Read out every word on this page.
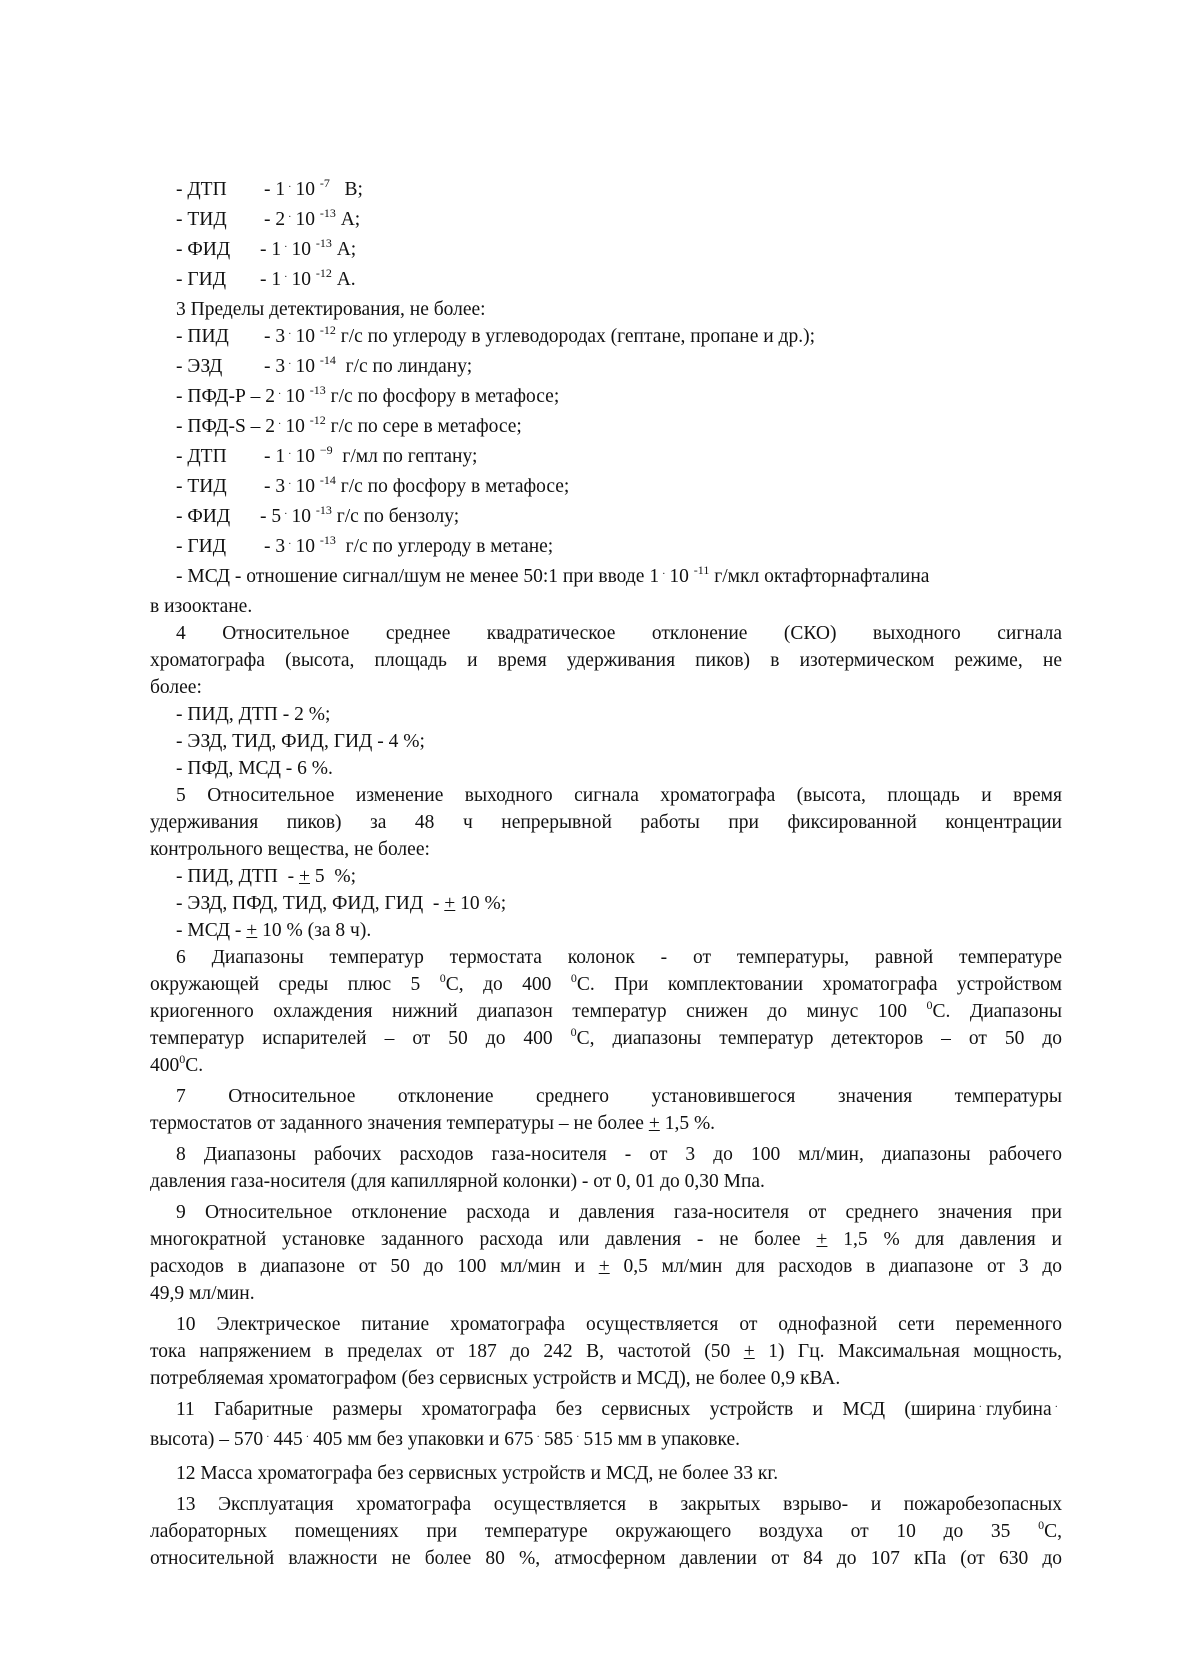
- ДТП - 1 · 10 $^{-7}$ В;
- ТИД - 2 · 10 $^{-13}$ А;
- ФИД - 1 · 10 $^{-13}$ А;
- ГИД - 1 · 10 $^{-12}$ А.
3 Пределы детектирования, не более:
- ПИД - 3 · 10 $^{-12}$ г/с по углероду в углеводородах (гептане, пропане и др.);
- ЭЗД - 3 · 10 $^{-14}$ г/с по линдану;
- ПФД-Р – 2 · 10 $^{-13}$ г/с по фосфору в метафосе;
- ПФД-S – 2 · 10 $^{-12}$ г/с по сере в метафосе;
- ДТП - 1 · 10 $^{-9}$ г/мл по гептану;
- ТИД - 3 · 10 $^{-14}$ г/с по фосфору в метафосе;
- ФИД - 5 · 10 $^{-13}$ г/с по бензолу;
- ГИД - 3 · 10 $^{-13}$ г/с по углероду в метане;
- МСД - отношение сигнал/шум не менее 50:1 при вводе 1 · 10 $^{-11}$ г/мкл октафторнафталина
в изооктане.
4 Относительное среднее квадратическое отклонение (СКО) выходного сигнала
хроматографа (высота, площадь и время удерживания пиков) в изотермическом режиме, не
более:
- ПИД, ДТП - 2 %;
- ЭЗД, ТИД, ФИД, ГИД - 4 %;
- ПФД, МСД - 6 %.
5 Относительное изменение выходного сигнала хроматографа (высота, площадь и время
удерживания пиков) за 48 ч непрерывной работы при фиксированной концентрации
контрольного вещества, не более:
- ПИД, ДТП  - + 5  %;
- ЭЗД, ПФД, ТИД, ФИД, ГИД  - + 10 %;
- МСД - + 10 % (за 8 ч).
6 Диапазоны температур термостата колонок - от температуры, равной температуре
окружающей среды плюс 5 $^0$С, до 400 $^0$С. При комплектовании хроматографа устройством
криогенного охлаждения нижний диапазон температур снижен до минус 100 $^0$С. Диапазоны
температур испарителей – от 50 до 400 $^0$С, диапазоны температур детекторов – от 50 до
$400^0С$.
7 Относительное отклонение среднего установившегося значения температуры
термостатов от заданного значения температуры – не более + 1,5 %.
8 Диапазоны рабочих расходов газа-носителя - от 3 до 100 мл/мин, диапазоны рабочего
давления газа-носителя (для капиллярной колонки) - от 0, 01 до 0,30 Мпа.
9 Относительное отклонение расхода и давления газа-носителя от среднего значения при
многократной установке заданного расхода или давления - не более + 1,5 % для давления и
расходов в диапазоне от 50 до 100 мл/мин и + 0,5 мл/мин для расходов в диапазоне от 3 до
49,9 мл/мин.
10 Электрическое питание хроматографа осуществляется от однофазной сети переменного
тока напряжением в пределах от 187 до 242 В, частотой (50 + 1) Гц. Максимальная мощность,
потребляемая хроматографом (без сервисных устройств и МСД), не более 0,9 кВА.
11 Габаритные размеры хроматографа без сервисных устройств и МСД (ширина · глубина ·
высота) – 570 · 445 · 405 мм без упаковки и 675 · 585 · 515 мм в упаковке.
12 Масса хроматографа без сервисных устройств и МСД, не более 33 кг.
13 Эксплуатация хроматографа осуществляется в закрытых взрыво- и пожаробезопасных
лабораторных помещениях при температуре окружающего воздуха от 10 до 35 $^0$С,
относительной влажности не более 80 %, атмосферном давлении от 84 до 107 кПа (от 630 до
